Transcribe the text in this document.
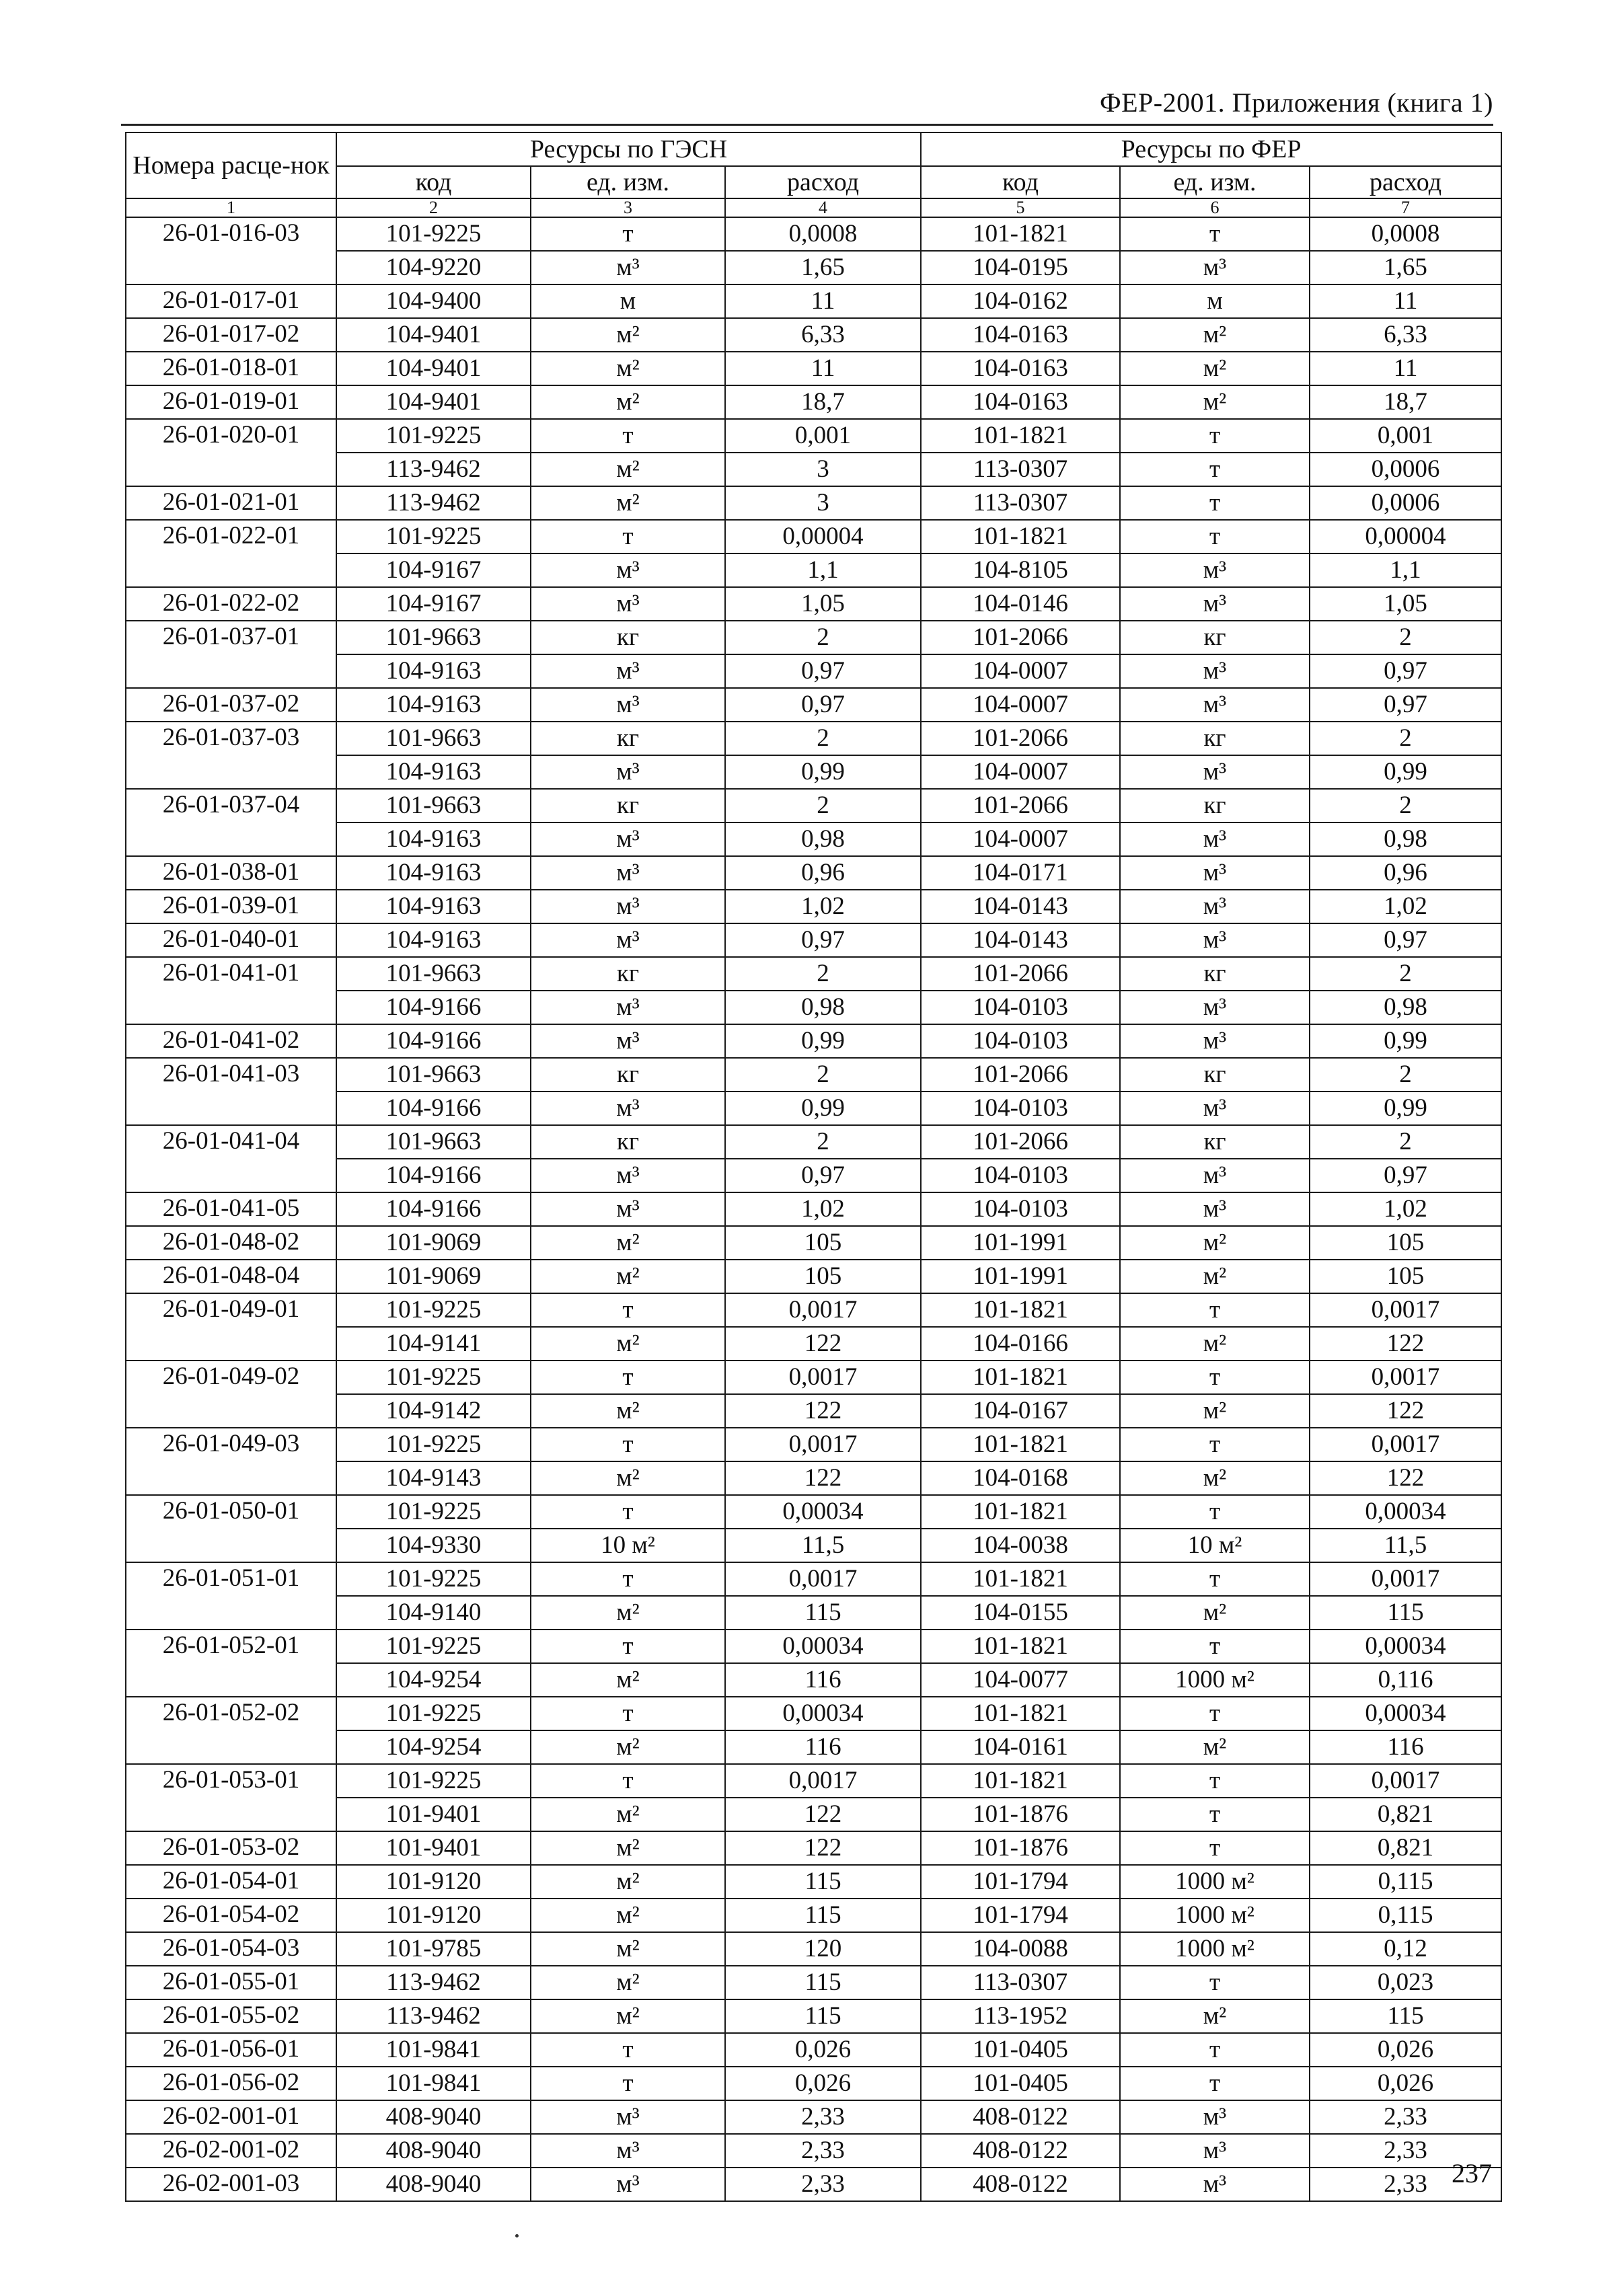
ФЕР-2001. Приложения (книга 1)
Номера расце-нок	Ресурсы по ГЭСН			Ресурсы по ФЕР		
	код	ед. изм.	расход	код	ед. изм.	расход
1	2	3	4	5	6	7
26-01-016-03	101-9225	т	0,0008	101-1821	т	0,0008
	104-9220	м³	1,65	104-0195	м³	1,65
26-01-017-01	104-9400	м	11	104-0162	м	11
26-01-017-02	104-9401	м²	6,33	104-0163	м²	6,33
26-01-018-01	104-9401	м²	11	104-0163	м²	11
26-01-019-01	104-9401	м²	18,7	104-0163	м²	18,7
26-01-020-01	101-9225	т	0,001	101-1821	т	0,001
	113-9462	м²	3	113-0307	т	0,0006
26-01-021-01	113-9462	м²	3	113-0307	т	0,0006
26-01-022-01	101-9225	т	0,00004	101-1821	т	0,00004
	104-9167	м³	1,1	104-8105	м³	1,1
26-01-022-02	104-9167	м³	1,05	104-0146	м³	1,05
26-01-037-01	101-9663	кг	2	101-2066	кг	2
	104-9163	м³	0,97	104-0007	м³	0,97
26-01-037-02	104-9163	м³	0,97	104-0007	м³	0,97
26-01-037-03	101-9663	кг	2	101-2066	кг	2
	104-9163	м³	0,99	104-0007	м³	0,99
26-01-037-04	101-9663	кг	2	101-2066	кг	2
	104-9163	м³	0,98	104-0007	м³	0,98
26-01-038-01	104-9163	м³	0,96	104-0171	м³	0,96
26-01-039-01	104-9163	м³	1,02	104-0143	м³	1,02
26-01-040-01	104-9163	м³	0,97	104-0143	м³	0,97
26-01-041-01	101-9663	кг	2	101-2066	кг	2
	104-9166	м³	0,98	104-0103	м³	0,98
26-01-041-02	104-9166	м³	0,99	104-0103	м³	0,99
26-01-041-03	101-9663	кг	2	101-2066	кг	2
	104-9166	м³	0,99	104-0103	м³	0,99
26-01-041-04	101-9663	кг	2	101-2066	кг	2
	104-9166	м³	0,97	104-0103	м³	0,97
26-01-041-05	104-9166	м³	1,02	104-0103	м³	1,02
26-01-048-02	101-9069	м²	105	101-1991	м²	105
26-01-048-04	101-9069	м²	105	101-1991	м²	105
26-01-049-01	101-9225	т	0,0017	101-1821	т	0,0017
	104-9141	м²	122	104-0166	м²	122
26-01-049-02	101-9225	т	0,0017	101-1821	т	0,0017
	104-9142	м²	122	104-0167	м²	122
26-01-049-03	101-9225	т	0,0017	101-1821	т	0,0017
	104-9143	м²	122	104-0168	м²	122
26-01-050-01	101-9225	т	0,00034	101-1821	т	0,00034
	104-9330	10 м²	11,5	104-0038	10 м²	11,5
26-01-051-01	101-9225	т	0,0017	101-1821	т	0,0017
	104-9140	м²	115	104-0155	м²	115
26-01-052-01	101-9225	т	0,00034	101-1821	т	0,00034
	104-9254	м²	116	104-0077	1000 м²	0,116
26-01-052-02	101-9225	т	0,00034	101-1821	т	0,00034
	104-9254	м²	116	104-0161	м²	116
26-01-053-01	101-9225	т	0,0017	101-1821	т	0,0017
	101-9401	м²	122	101-1876	т	0,821
26-01-053-02	101-9401	м²	122	101-1876	т	0,821
26-01-054-01	101-9120	м²	115	101-1794	1000 м²	0,115
26-01-054-02	101-9120	м²	115	101-1794	1000 м²	0,115
26-01-054-03	101-9785	м²	120	104-0088	1000 м²	0,12
26-01-055-01	113-9462	м²	115	113-0307	т	0,023
26-01-055-02	113-9462	м²	115	113-1952	м²	115
26-01-056-01	101-9841	т	0,026	101-0405	т	0,026
26-01-056-02	101-9841	т	0,026	101-0405	т	0,026
26-02-001-01	408-9040	м³	2,33	408-0122	м³	2,33
26-02-001-02	408-9040	м³	2,33	408-0122	м³	2,33
26-02-001-03	408-9040	м³	2,33	408-0122	м³	2,33 237
